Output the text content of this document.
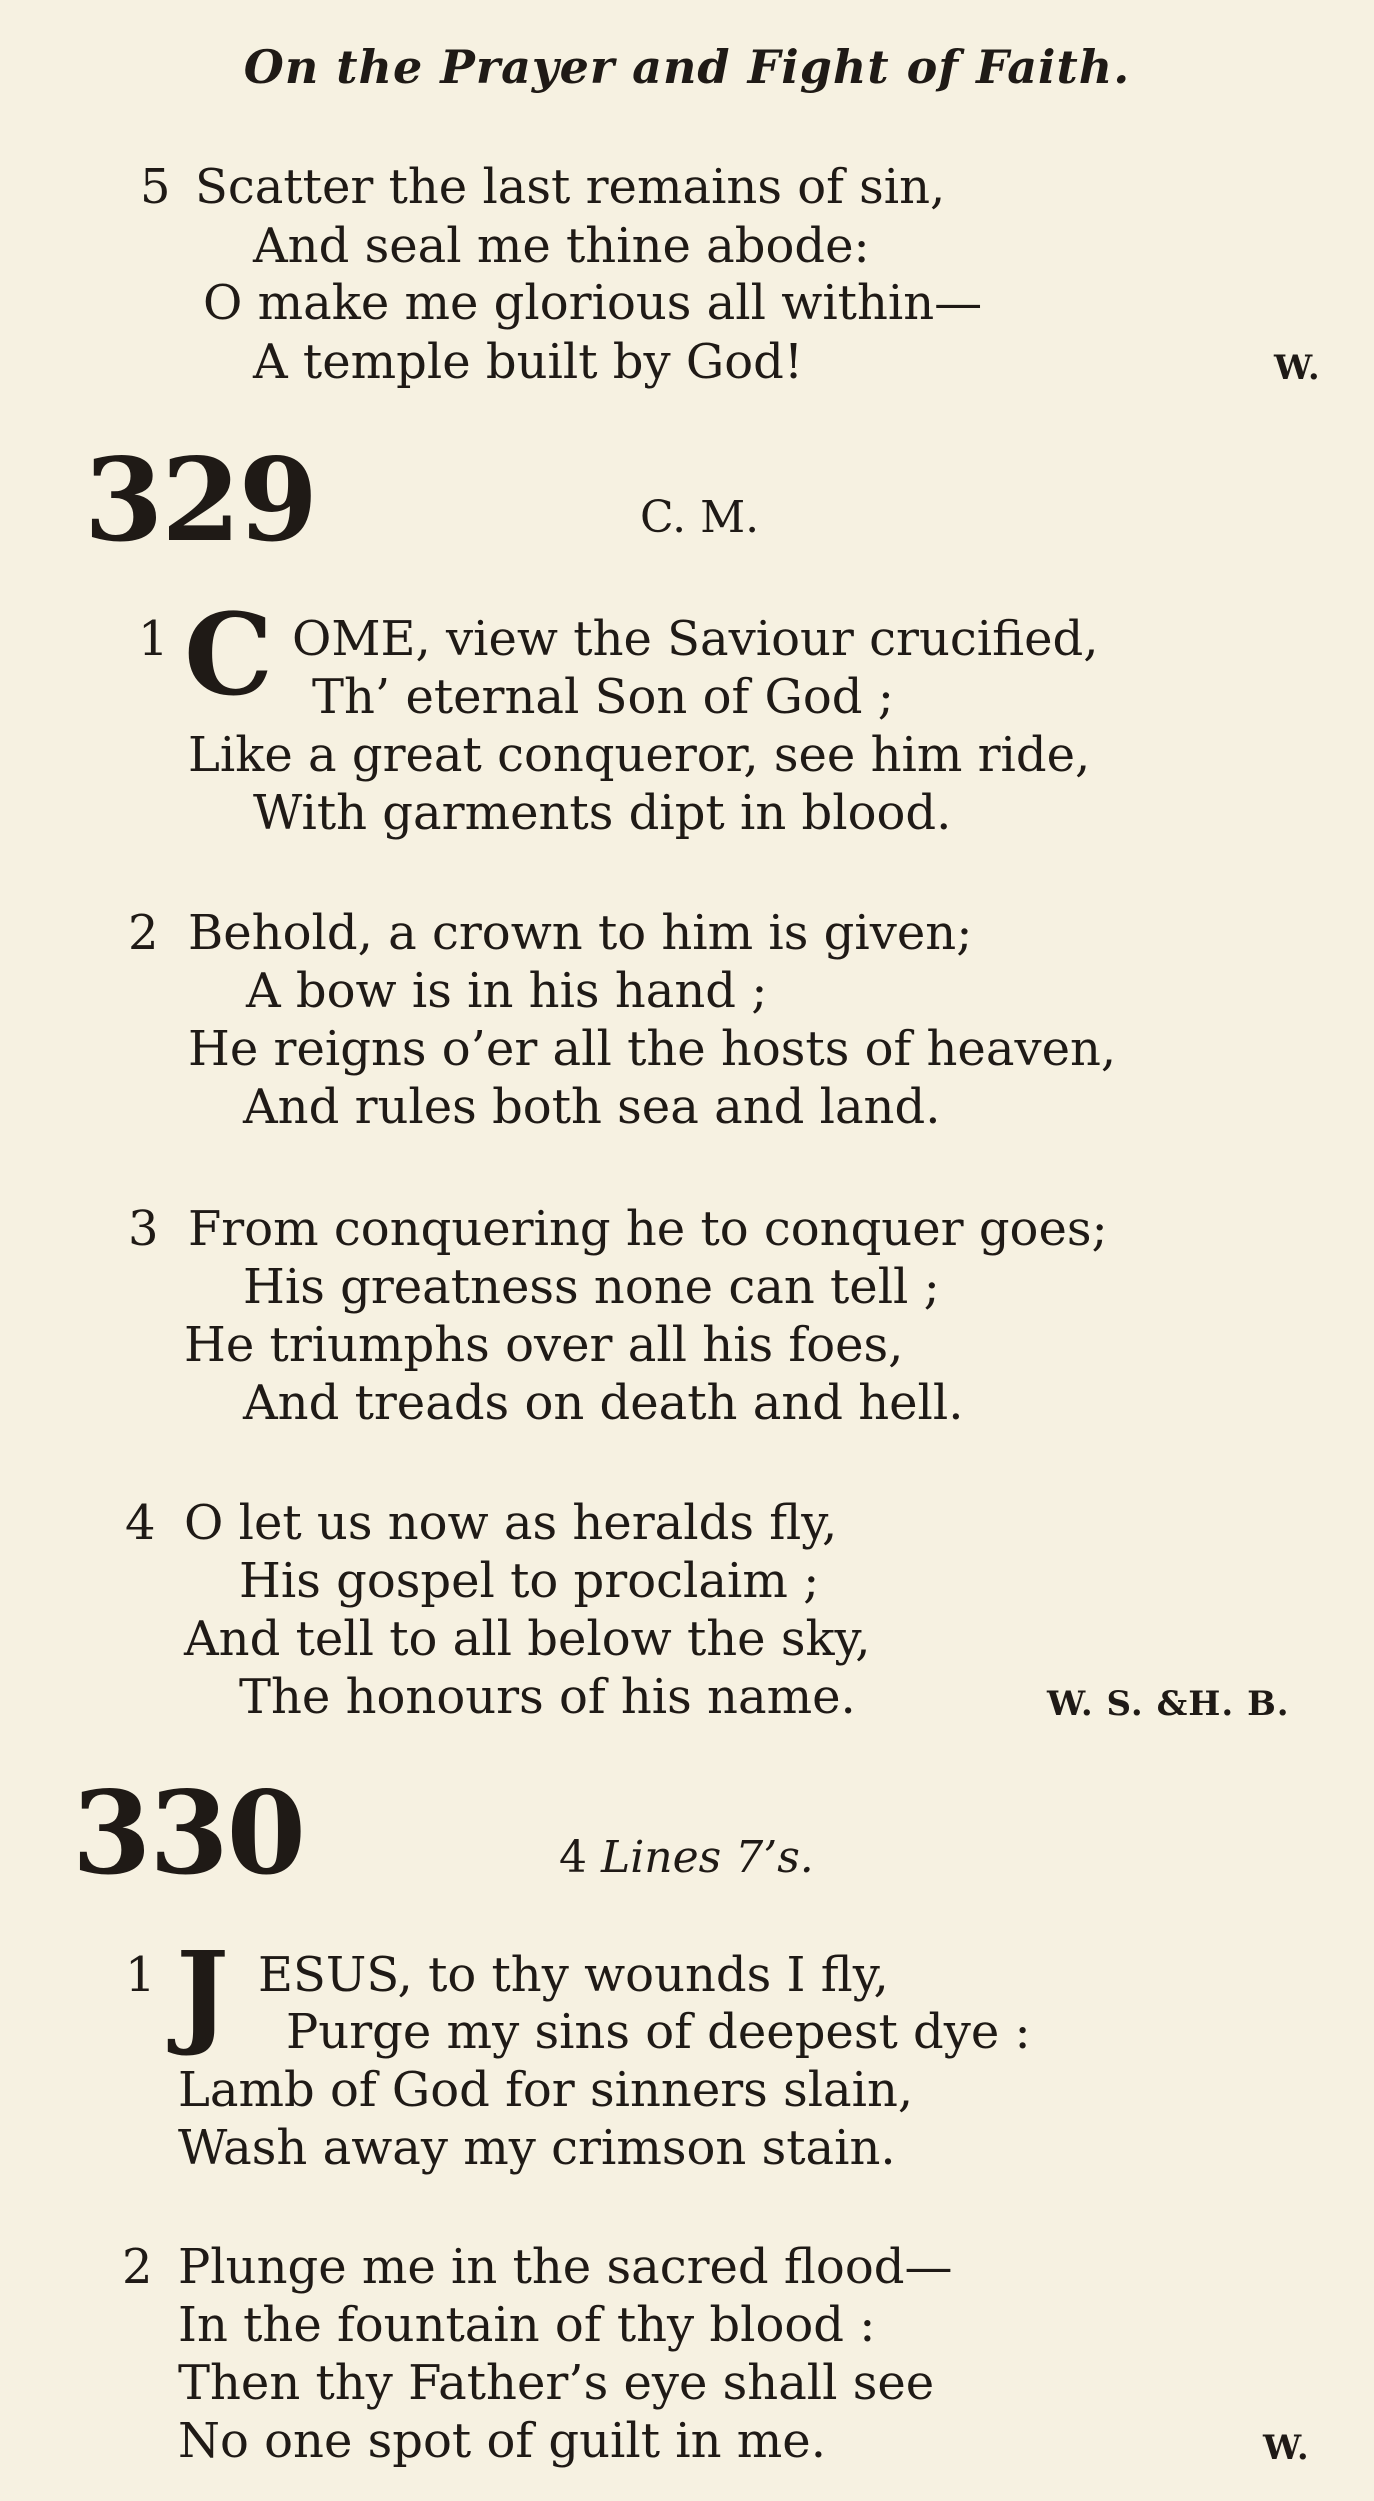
On the Prayer and Fight of Faith.
5 Scatter the last remains of sin,
And seal me thine abode:
O make me glorious all within—
A temple built by God!	W.
329	C. M.
1 C OME, view the Saviour crucified,
Th’ eternal Son of God ;
Like a great conqueror, see him ride,
With garments dipt in blood.
2 Behold, a crown to him is given;
A bow is in his hand ;
He reigns o’er all the hosts of heaven,
And rules both sea and land.
3 From conquering he to conquer goes;
His greatness none can tell ;
He triumphs over all his foes,
And treads on death and hell.
4 O let us now as heralds fly,
His gospel to proclaim ;
And tell to all below the sky,
The honours of his name.	W. S. &H. B.
330	4 Lines 7’s.
1 J ESUS, to thy wounds I fly,
Purge my sins of deepest dye :
Lamb of God for sinners slain,
Wash away my crimson stain.
2 Plunge me in the sacred flood—
In the fountain of thy blood :
Then thy Father’s eye shall see
No one spot of guilt in me.	W.
